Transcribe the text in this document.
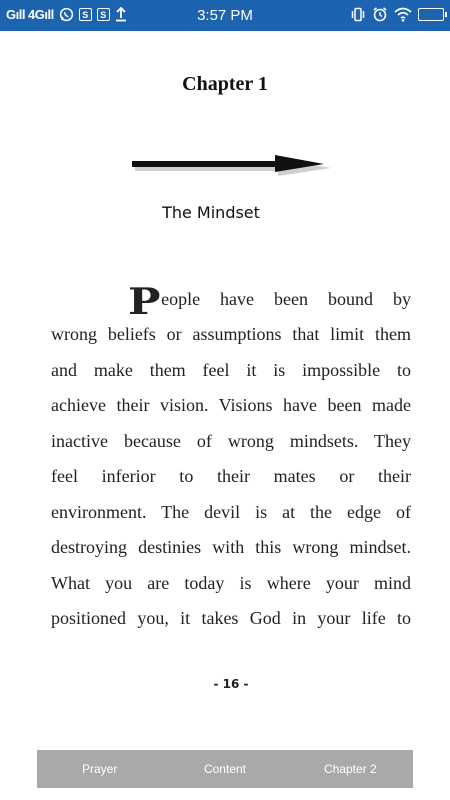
Gıll 4Gıll	S	S	3:57 PM
Chapter 1
The Mindset
P eople have been bound by
wrong beliefs or assumptions that limit them
and make them feel it is impossible to
achieve their vision. Visions have been made
inactive because of wrong mindsets. They
feel inferior to their mates or their
environment. The devil is at the edge of
destroying destinies with this wrong mindset.
What you are today is where your mind
positioned you, it takes God in your life to
- 16 -
Prayer	Content	Chapter 2
